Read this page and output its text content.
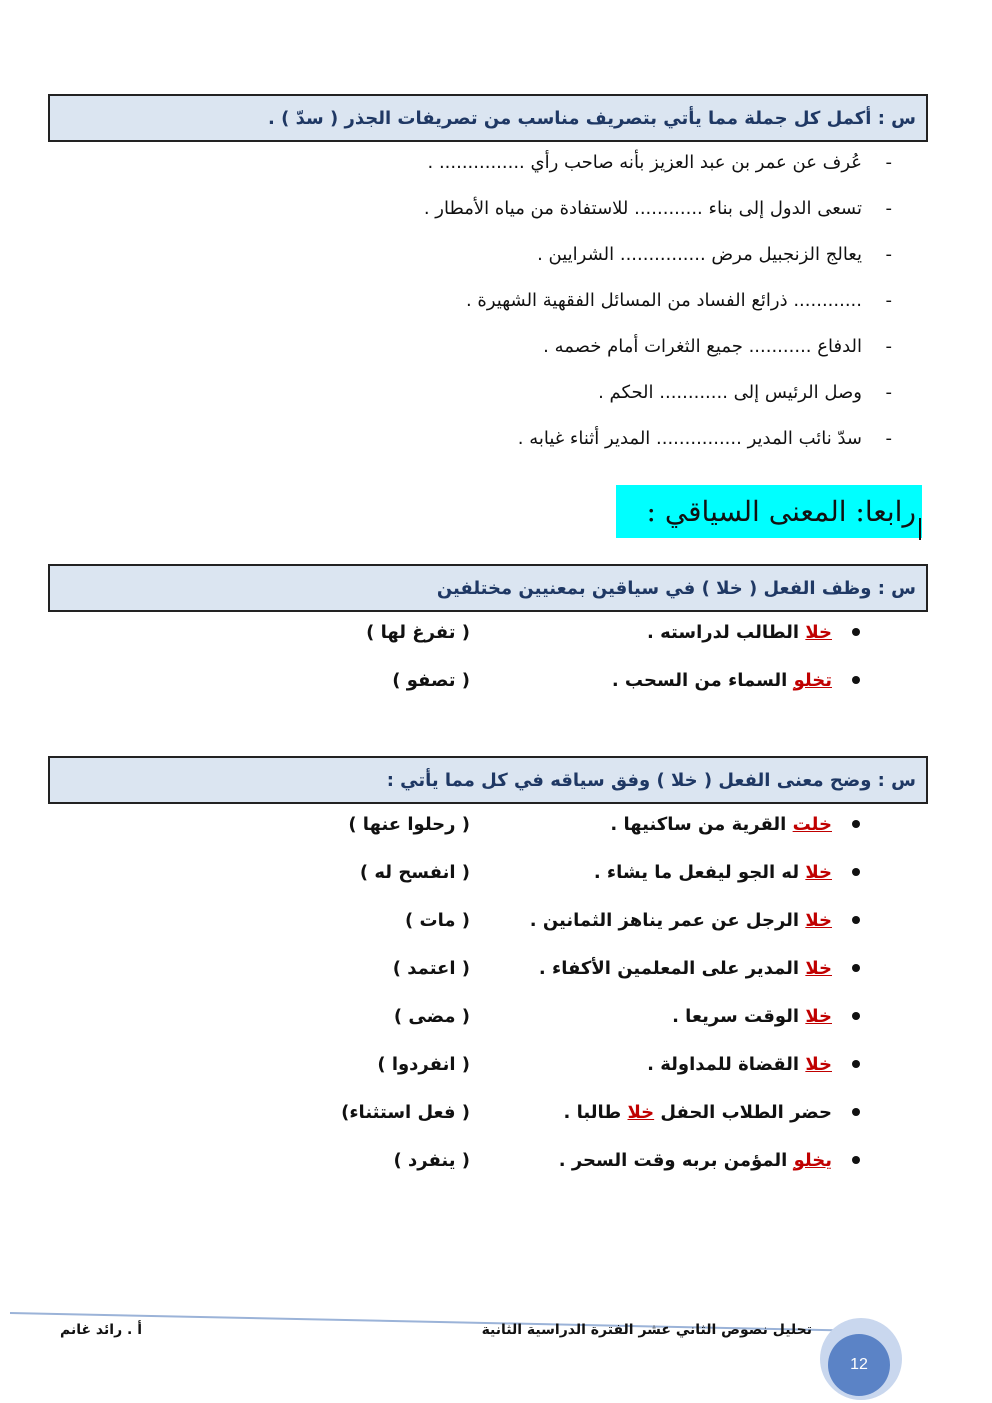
س : أكمل كل جملة مما يأتي بتصريف مناسب من تصريفات الجذر ( سدّ ) .
- عُرف عن عمر بن عبد العزيز بأنه صاحب رأي ............... .
- تسعى الدول إلى بناء ............ للاستفادة من مياه الأمطار .
- يعالج الزنجبيل مرض ............... الشرايين .
- ............ ذرائع الفساد من المسائل الفقهية الشهيرة .
- الدفاع ........... جميع الثغرات أمام خصمه .
- وصل الرئيس إلى ............ الحكم .
- سدّ نائب المدير ............... المدير أثناء غيابه .
رابعا: المعنى السياقي :
س : وظف الفعل ( خلا ) في سياقين بمعنيين مختلفين
خلا الطالب لدراسته .
( تفرغ لها )
تخلو السماء من السحب .
( تصفو )
س : وضح معنى الفعل ( خلا ) وفق سياقه في كل مما يأتي :
خلت القرية من ساكنيها .
( رحلوا عنها )
خلا له الجو ليفعل ما يشاء .
( انفسح له )
خلا الرجل عن عمر يناهز الثمانين .
( مات )
خلا المدير على المعلمين الأكفاء .
( اعتمد )
خلا الوقت سريعا .
( مضى )
خلا القضاة للمداولة .
( انفردوا )
حضر الطلاب الحفل خلا طالبا .
( فعل استثناء)
يخلو المؤمن بربه وقت السحر .
( ينفرد )
تحليل نصوص الثاني عشر الفترة الدراسية الثانية
أ . رائد غانم
12
